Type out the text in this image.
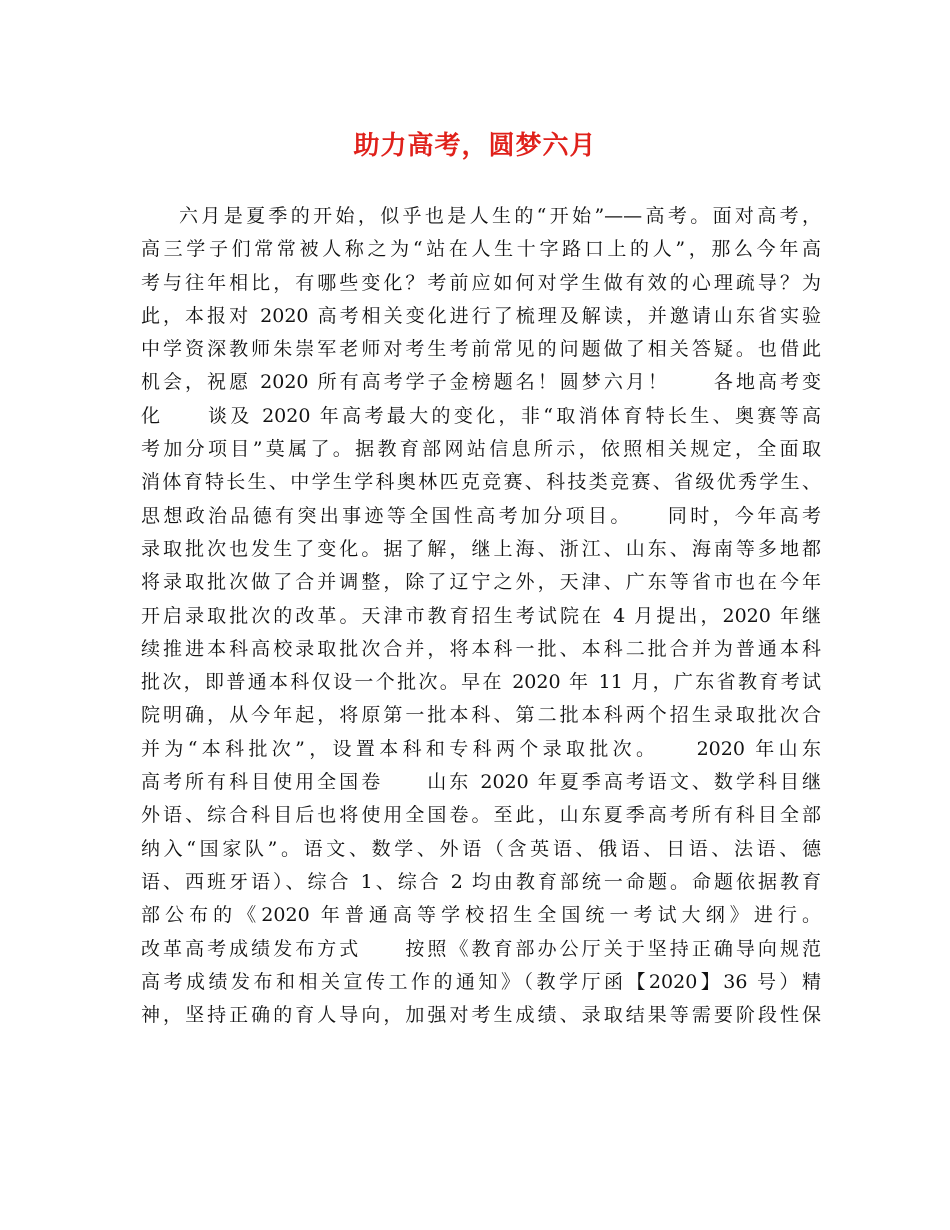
助力高考，圆梦六月
六月是夏季的开始，似乎也是人生的“开始”——高考。面对高考，
高三学子们常常被人称之为“站在人生十字路口上的人”，那么今年高
考与往年相比，有哪些变化？考前应如何对学生做有效的心理疏导？为
此，本报对 2020 高考相关变化进行了梳理及解读，并邀请山东省实验
中学资深教师朱崇军老师对考生考前常见的问题做了相关答疑。也借此
机会，祝愿 2020 所有高考学子金榜题名！圆梦六月！　　各地高考变
化　　谈及 2020 年高考最大的变化，非“取消体育特长生、奥赛等高
考加分项目”莫属了。据教育部网站信息所示，依照相关规定，全面取
消体育特长生、中学生学科奥林匹克竞赛、科技类竞赛、省级优秀学生、
思想政治品德有突出事迹等全国性高考加分项目。　　同时，今年高考
录取批次也发生了变化。据了解，继上海、浙江、山东、海南等多地都
将录取批次做了合并调整，除了辽宁之外，天津、广东等省市也在今年
开启录取批次的改革。天津市教育招生考试院在 4 月提出，2020 年继
续推进本科高校录取批次合并，将本科一批、本科二批合并为普通本科
批次，即普通本科仅设一个批次。早在 2020 年 11 月，广东省教育考试
院明确，从今年起，将原第一批本科、第二批本科两个招生录取批次合
并为“本科批次”，设置本科和专科两个录取批次。　　2020 年山东
高考所有科目使用全国卷　　山东 2020 年夏季高考语文、数学科目继
外语、综合科目后也将使用全国卷。至此，山东夏季高考所有科目全部
纳入“国家队”。语文、数学、外语（含英语、俄语、日语、法语、德
语、西班牙语）、综合 1、综合 2 均由教育部统一命题。命题依据教育
部公布的《2020 年普通高等学校招生全国统一考试大纲》进行。
改革高考成绩发布方式　　按照《教育部办公厅关于坚持正确导向规范
高考成绩发布和相关宣传工作的通知》（教学厅函【2020】36 号）精
神，坚持正确的育人导向，加强对考生成绩、录取结果等需要阶段性保
